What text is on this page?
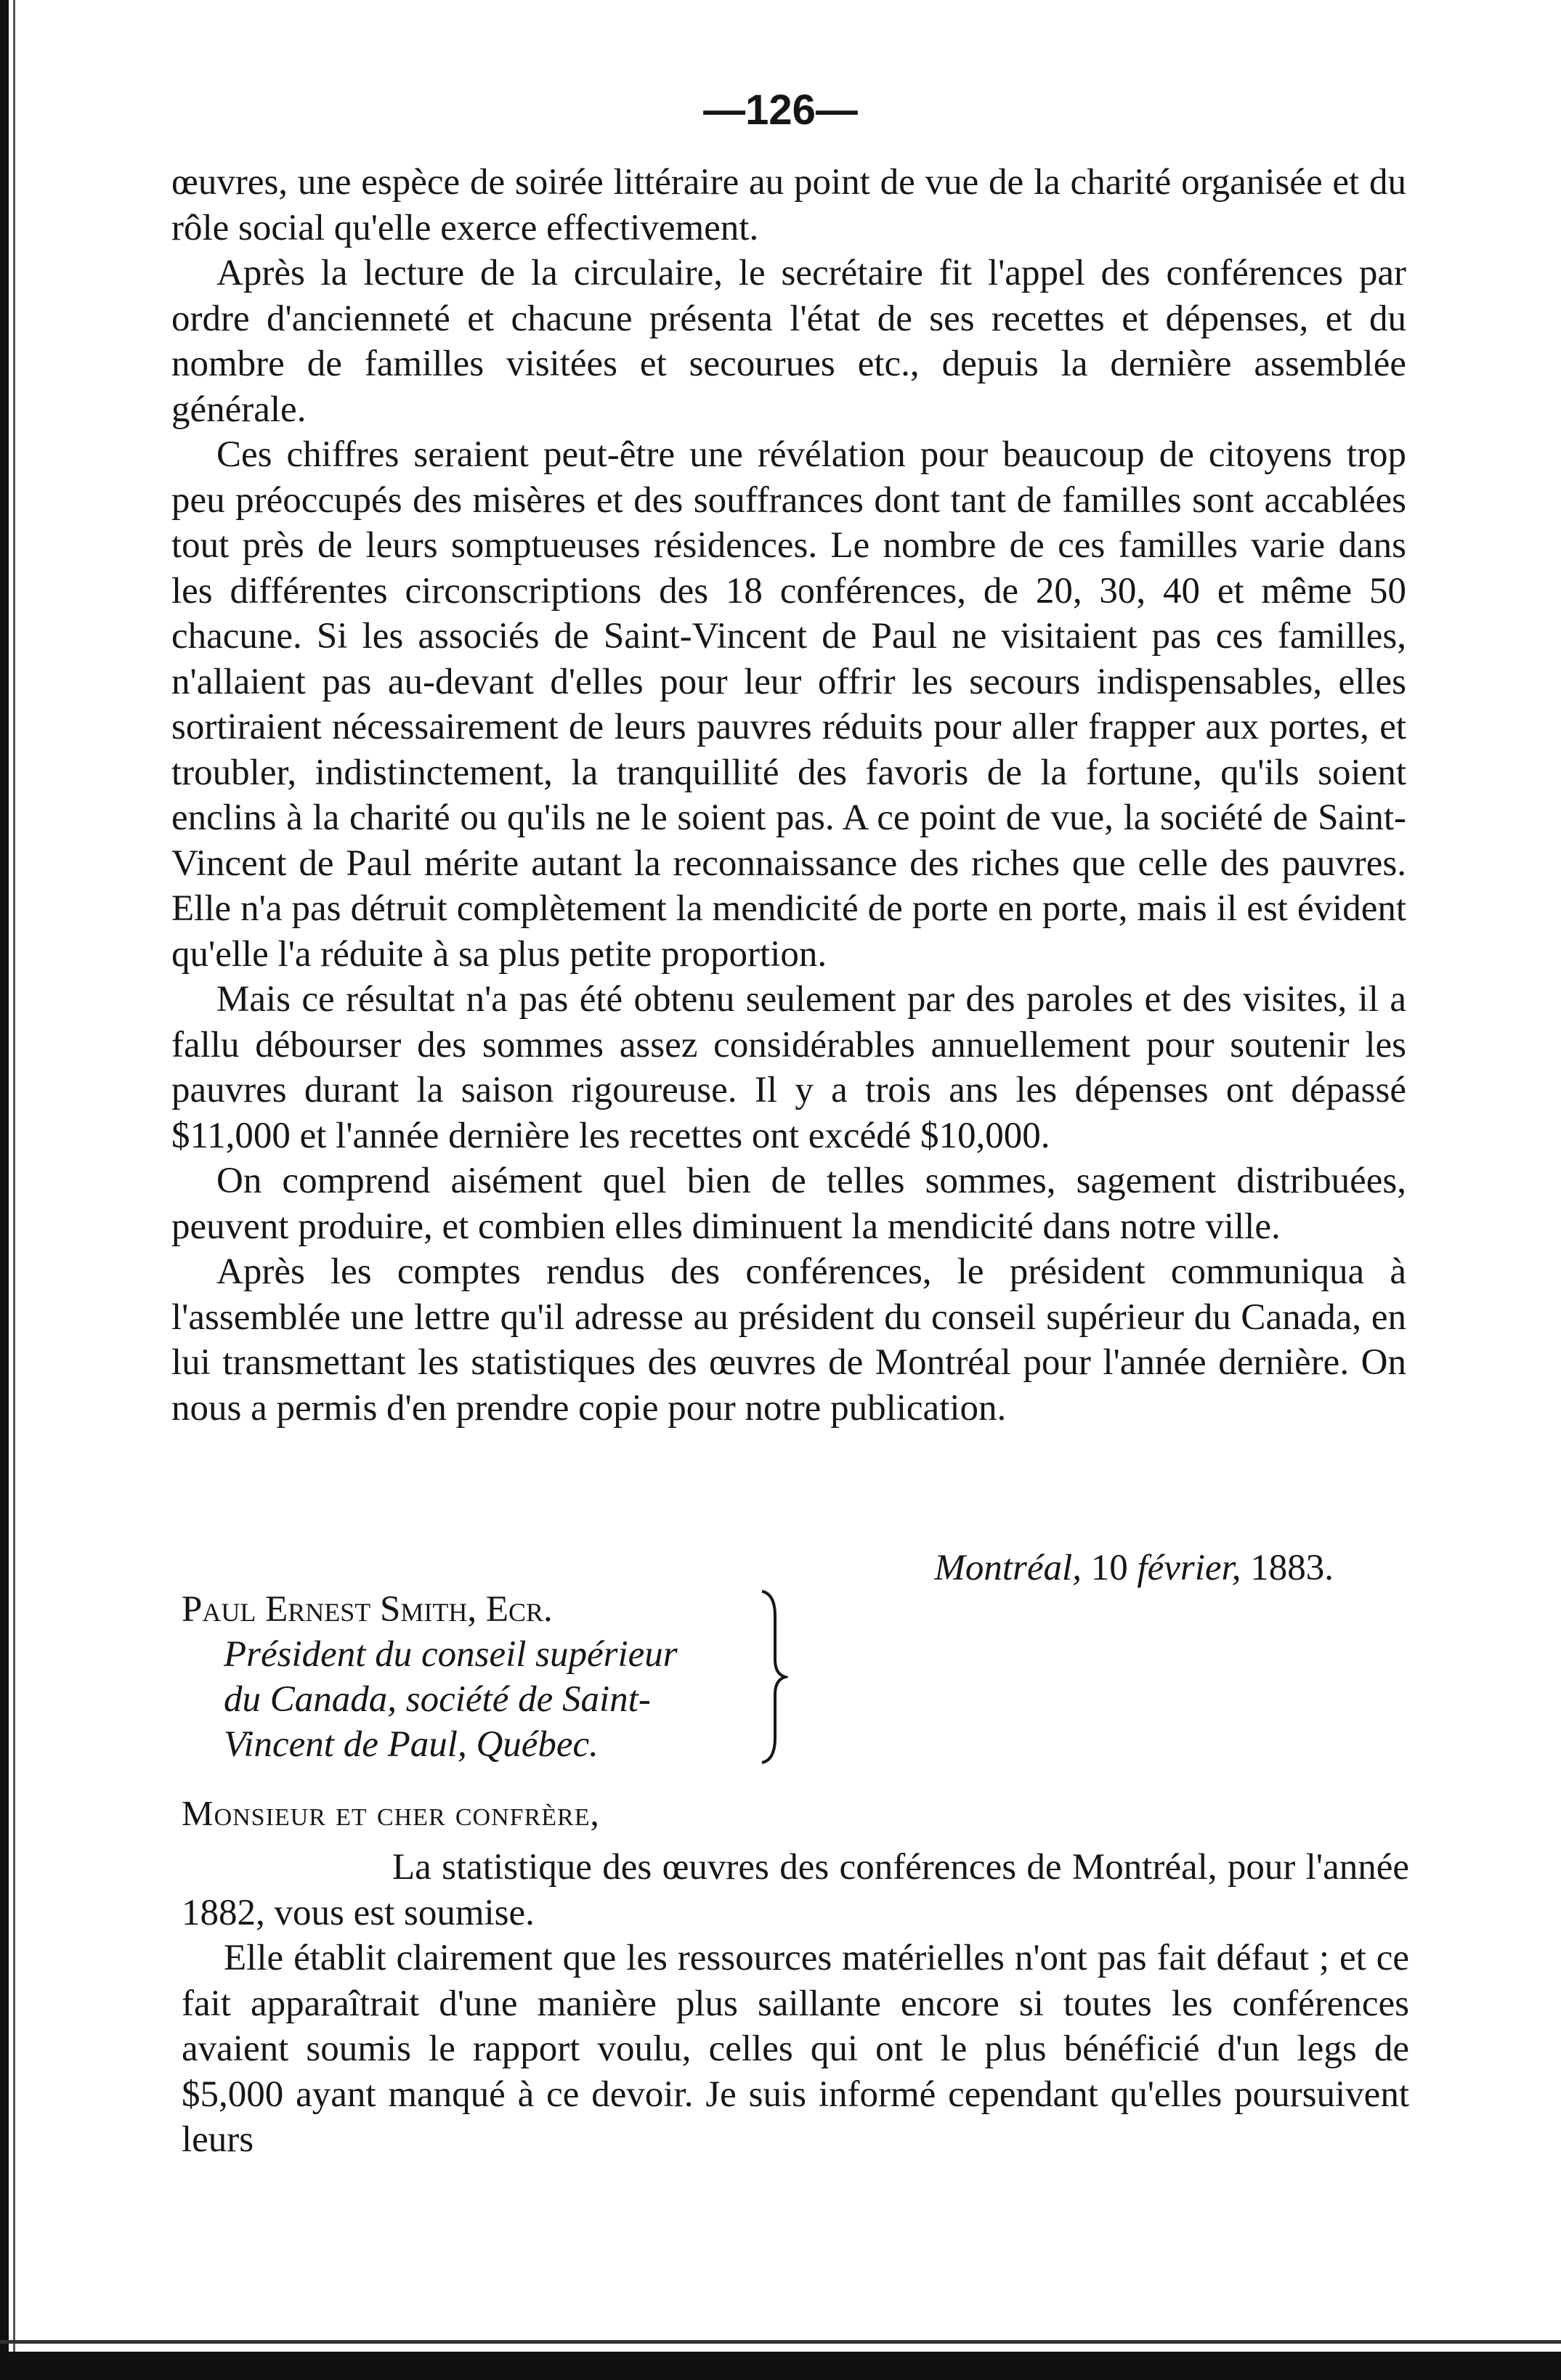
—126—

œuvres, une espèce de soirée littéraire au point de vue de la charité organisée et du rôle social qu'elle exerce effectivement.

Après la lecture de la circulaire, le secrétaire fit l'appel des conférences par ordre d'ancienneté et chacune présenta l'état de ses recettes et dépenses, et du nombre de familles visitées et secourues etc., depuis la dernière assemblée générale.

Ces chiffres seraient peut-être une révélation pour beaucoup de citoyens trop peu préoccupés des misères et des souffrances dont tant de familles sont accablées tout près de leurs somptueuses résidences. Le nombre de ces familles varie dans les différentes circonscriptions des 18 conférences, de 20, 30, 40 et même 50 chacune. Si les associés de Saint-Vincent de Paul ne visitaient pas ces familles, n'allaient pas au-devant d'elles pour leur offrir les secours indispensables, elles sortiraient nécessairement de leurs pauvres réduits pour aller frapper aux portes, et troubler, indistinctement, la tranquillité des favoris de la fortune, qu'ils soient enclins à la charité ou qu'ils ne le soient pas. A ce point de vue, la société de Saint-Vincent de Paul mérite autant la reconnaissance des riches que celle des pauvres. Elle n'a pas détruit complètement la mendicité de porte en porte, mais il est évident qu'elle l'a réduite à sa plus petite proportion.

Mais ce résultat n'a pas été obtenu seulement par des paroles et des visites, il a fallu débourser des sommes assez considérables annuellement pour soutenir les pauvres durant la saison rigoureuse. Il y a trois ans les dépenses ont dépassé $11,000 et l'année dernière les recettes ont excédé $10,000.

On comprend aisément quel bien de telles sommes, sagement distribuées, peuvent produire, et combien elles diminuent la mendicité dans notre ville.

Après les comptes rendus des conférences, le président communiqua à l'assemblée une lettre qu'il adresse au président du conseil supérieur du Canada, en lui transmettant les statistiques des œuvres de Montréal pour l'année dernière. On nous a permis d'en prendre copie pour notre publication.

Montréal, 10 février, 1883.
Paul Ernest Smith, Ecr.
Président du conseil supérieur
du Canada, société de Saint-
Vincent de Paul, Québec.
Monsieur et cher confrère,

La statistique des œuvres des conférences de Montréal, pour l'année 1882, vous est soumise.

Elle établit clairement que les ressources matérielles n'ont pas fait défaut ; et ce fait apparaîtrait d'une manière plus saillante encore si toutes les conférences avaient soumis le rapport voulu, celles qui ont le plus bénéficié d'un legs de $5,000 ayant manqué à ce devoir. Je suis informé cependant qu'elles poursuivent leurs
